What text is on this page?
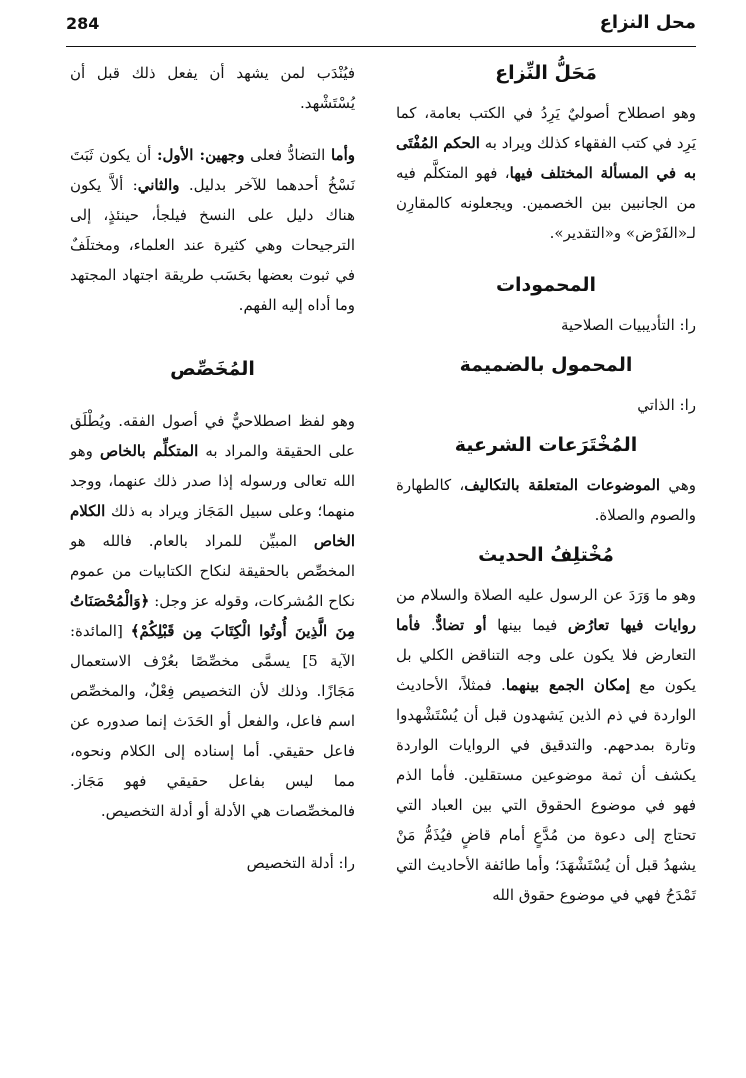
محل النزاع
284
مَحَلُّ النِّزاع

وهو اصطلاح أصوليٌ يَرِدُ في الكتب بعامة، كما يَرِد في كتب الفقهاء كذلك ويراد به الحكم المُفْتَى به في المسألة المختلف فيها، فهو المتكلَّم فيه من الجانبين بين الخصمين. ويجعلونه كالمقارِن لـ«الفَرْض» و«التقدير».

المحمودات

را: التأديبيات الصلاحية

المحمول بالضميمة

را: الذاتي

المُخْتَرَعات الشرعية

وهي الموضوعات المتعلقة بالتكاليف، كالطهارة والصوم والصلاة.

مُخْتلِفُ الحديث

وهو ما وَرَدَ عن الرسول عليه الصلاة والسلام من روايات فيها تعارُض فيما بينها أو تضادٌّ. فأما التعارض فلا يكون على وجه التناقض الكلي بل يكون مع إمكان الجمع بينهما. فمثلاً، الأحاديث الواردة في ذم الذين يَشهدون قبل أن يُسْتَشْهدوا وتارة بمدحهم. والتدقيق في الروايات الواردة يكشف أن ثمة موضوعين مستقلين. فأما الذم فهو في موضوع الحقوق التي بين العباد التي تحتاج إلى دعوة من مُدَّعٍ أمام قاضٍ فيُذَمُّ مَنْ يشهدُ قبل أن يُسْتَشْهَدَ؛ وأما طائفة الأحاديث التي تَمْدَحُ فهي في موضوع حقوق الله

فيُنْدَب لمن يشهد أن يفعل ذلك قبل أن يُسْتَشْهد.

وأما التضادُّ فعلى وجهين: الأول: أن يكون ثَبَتَ نَسْخُ أحدهما للآخر بدليل. والثاني: ألاَّ يكون هناك دليل على النسخ فيلجأ، حينئذٍ، إلى الترجيحات وهي كثيرة عند العلماء، ومختلَفٌ في ثبوت بعضها بحَسَب طريقة اجتهاد المجتهد وما أداه إليه الفهم.

المُخَصِّص

وهو لفظ اصطلاحيٌّ في أصول الفقه. ويُطْلَق على الحقيقة والمراد به المتكلِّم بالخاص وهو الله تعالى ورسوله إذا صدر ذلك عنهما، ووجد منهما؛ وعلى سبيل المَجَاز ويراد به ذلك الكلام الخاص المبيِّن للمراد بالعام. فالله هو المخصِّص بالحقيقة لنكاح الكتابيات من عموم نكاح المُشركات، وقوله عز وجل: ﴿وَالْمُحْصَنَاتُ مِنَ الَّذِينَ أُوتُوا الْكِتَابَ مِن قَبْلِكُمْ﴾ [المائدة: الآية 5] يسمَّى مخصِّصًا بعُرْف الاستعمال مَجَازًا. وذلك لأن التخصيص فِعْلٌ، والمخصِّص اسم فاعل، والفعل أو الحَدَث إنما صدوره عن فاعل حقيقي. أما إسناده إلى الكلام ونحوه، مما ليس بفاعل حقيقي فهو مَجَاز. فالمخصِّصات هي الأدلة أو أدلة التخصيص.

را: أدلة التخصيص
